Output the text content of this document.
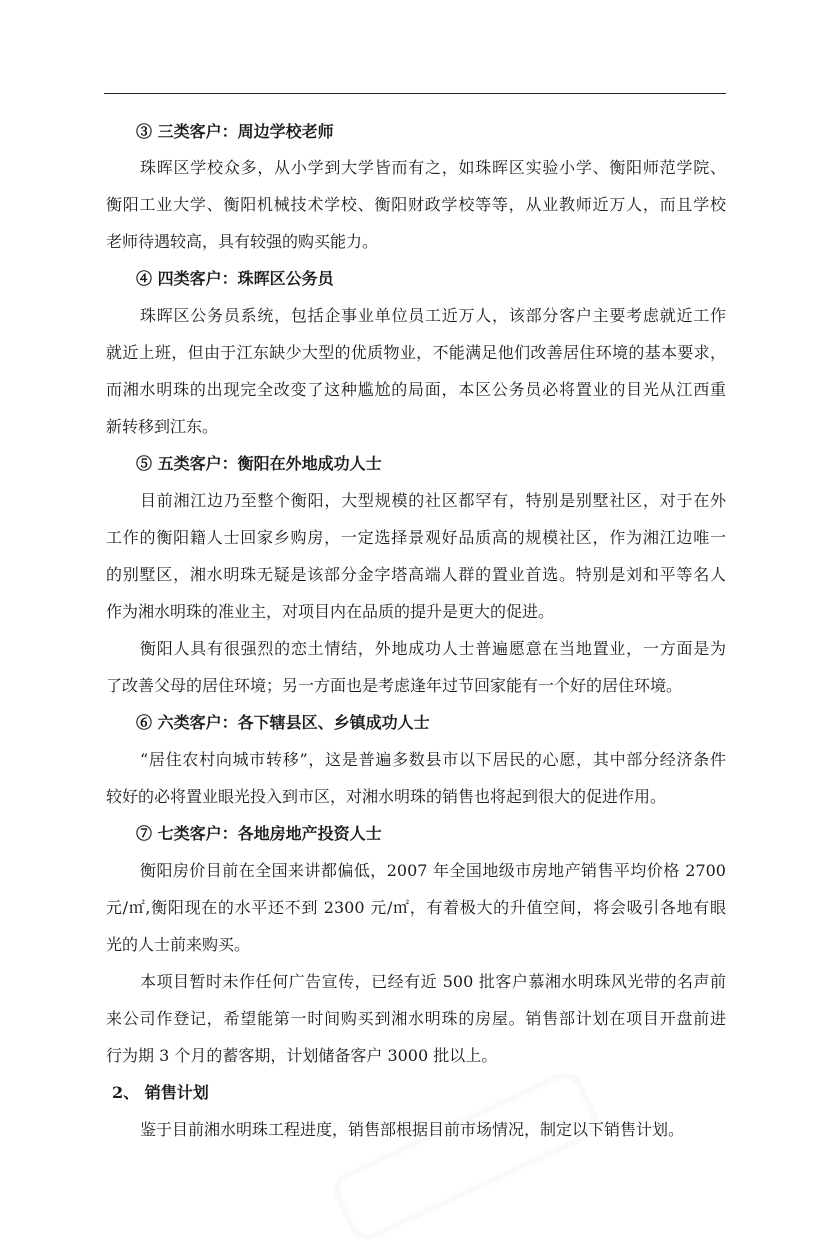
③ 三类客户：周边学校老师
珠晖区学校众多，从小学到大学皆而有之，如珠晖区实验小学、衡阳师范学院、
衡阳工业大学、衡阳机械技术学校、衡阳财政学校等等，从业教师近万人，而且学校
老师待遇较高，具有较强的购买能力。
④ 四类客户：珠晖区公务员
珠晖区公务员系统，包括企事业单位员工近万人，该部分客户主要考虑就近工作
就近上班，但由于江东缺少大型的优质物业，不能满足他们改善居住环境的基本要求，
而湘水明珠的出现完全改变了这种尴尬的局面，本区公务员必将置业的目光从江西重
新转移到江东。
⑤ 五类客户：衡阳在外地成功人士
目前湘江边乃至整个衡阳，大型规模的社区都罕有，特别是别墅社区，对于在外
工作的衡阳籍人士回家乡购房，一定选择景观好品质高的规模社区，作为湘江边唯一
的别墅区，湘水明珠无疑是该部分金字塔高端人群的置业首选。特别是刘和平等名人
作为湘水明珠的准业主，对项目内在品质的提升是更大的促进。
衡阳人具有很强烈的恋土情结，外地成功人士普遍愿意在当地置业，一方面是为
了改善父母的居住环境；另一方面也是考虑逢年过节回家能有一个好的居住环境。
⑥ 六类客户：各下辖县区、乡镇成功人士
“居住农村向城市转移”，这是普遍多数县市以下居民的心愿，其中部分经济条件
较好的必将置业眼光投入到市区，对湘水明珠的销售也将起到很大的促进作用。
⑦ 七类客户：各地房地产投资人士
衡阳房价目前在全国来讲都偏低，2007 年全国地级市房地产销售平均价格 2700
元/㎡,衡阳现在的水平还不到 2300 元/㎡，有着极大的升值空间，将会吸引各地有眼
光的人士前来购买。
本项目暂时未作任何广告宣传，已经有近 500 批客户慕湘水明珠风光带的名声前
来公司作登记，希望能第一时间购买到湘水明珠的房屋。销售部计划在项目开盘前进
行为期 3 个月的蓄客期，计划储备客户 3000 批以上。
2、 销售计划
鉴于目前湘水明珠工程进度，销售部根据目前市场情况，制定以下销售计划。
